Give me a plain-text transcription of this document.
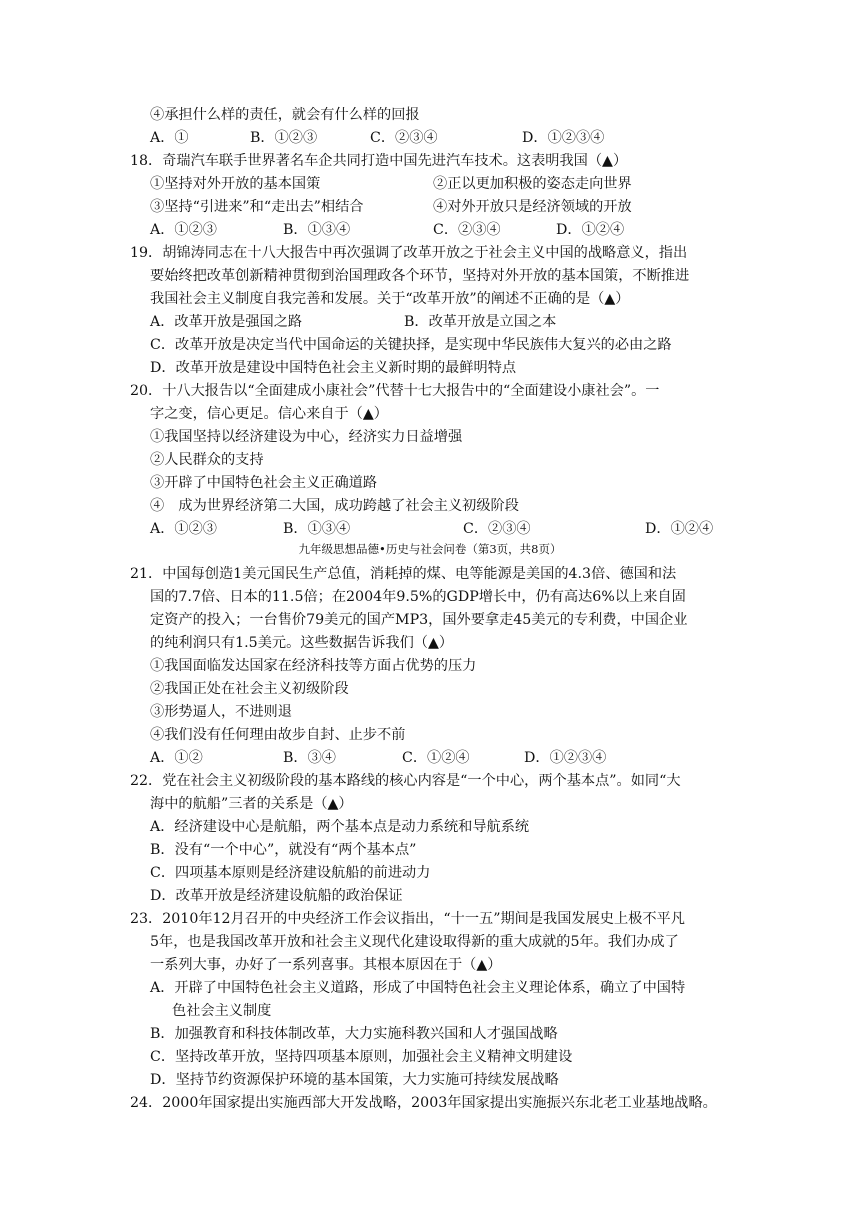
④承担什么样的责任，就会有什么样的回报
A．①	B．①②③	C．②③④	D．①②③④
18．奇瑞汽车联手世界著名车企共同打造中国先进汽车技术。这表明我国（▲）
①坚持对外开放的基本国策	②正以更加积极的姿态走向世界
③坚持“引进来”和“走出去”相结合	④对外开放只是经济领域的开放
A．①②③	B．①③④	C．②③④	D．①②④
19．胡锦涛同志在十八大报告中再次强调了改革开放之于社会主义中国的战略意义，指出
要始终把改革创新精神贯彻到治国理政各个环节，坚持对外开放的基本国策，不断推进
我国社会主义制度自我完善和发展。关于“改革开放”的阐述不正确的是（▲）
A．改革开放是强国之路	B．改革开放是立国之本
C．改革开放是决定当代中国命运的关键抉择，是实现中华民族伟大复兴的必由之路
D．改革开放是建设中国特色社会主义新时期的最鲜明特点
20．十八大报告以“全面建成小康社会”代替十七大报告中的“全面建设小康社会”。一
字之变，信心更足。信心来自于（▲）
①我国坚持以经济建设为中心，经济实力日益增强
②人民群众的支持
③开辟了中国特色社会主义正确道路
④　成为世界经济第二大国，成功跨越了社会主义初级阶段
A．①②③	B．①③④	C．②③④	D．①②④
九年级思想品德•历史与社会问卷（第3页，共8页）
21．中国每创造1美元国民生产总值，消耗掉的煤、电等能源是美国的4.3倍、德国和法
国的7.7倍、日本的11.5倍；在2004年9.5%的GDP增长中，仍有高达6%以上来自固
定资产的投入；一台售价79美元的国产MP3，国外要拿走45美元的专利费，中国企业
的纯利润只有1.5美元。这些数据告诉我们（▲）
①我国面临发达国家在经济科技等方面占优势的压力
②我国正处在社会主义初级阶段
③形势逼人，不进则退
④我们没有任何理由故步自封、止步不前
A．①②	B．③④	C．①②④	D．①②③④
22．党在社会主义初级阶段的基本路线的核心内容是“一个中心，两个基本点”。如同“大
海中的航船”三者的关系是（▲）
A．经济建设中心是航船，两个基本点是动力系统和导航系统
B．没有“一个中心”，就没有“两个基本点”
C．四项基本原则是经济建设航船的前进动力
D．改革开放是经济建设航船的政治保证
23．2010年12月召开的中央经济工作会议指出，“十一五”期间是我国发展史上极不平凡
5年，也是我国改革开放和社会主义现代化建设取得新的重大成就的5年。我们办成了
一系列大事，办好了一系列喜事。其根本原因在于（▲）
A．开辟了中国特色社会主义道路，形成了中国特色社会主义理论体系，确立了中国特
色社会主义制度
B．加强教育和科技体制改革，大力实施科教兴国和人才强国战略
C．坚持改革开放，坚持四项基本原则，加强社会主义精神文明建设
D．坚持节约资源保护环境的基本国策，大力实施可持续发展战略
24．2000年国家提出实施西部大开发战略，2003年国家提出实施振兴东北老工业基地战略。
